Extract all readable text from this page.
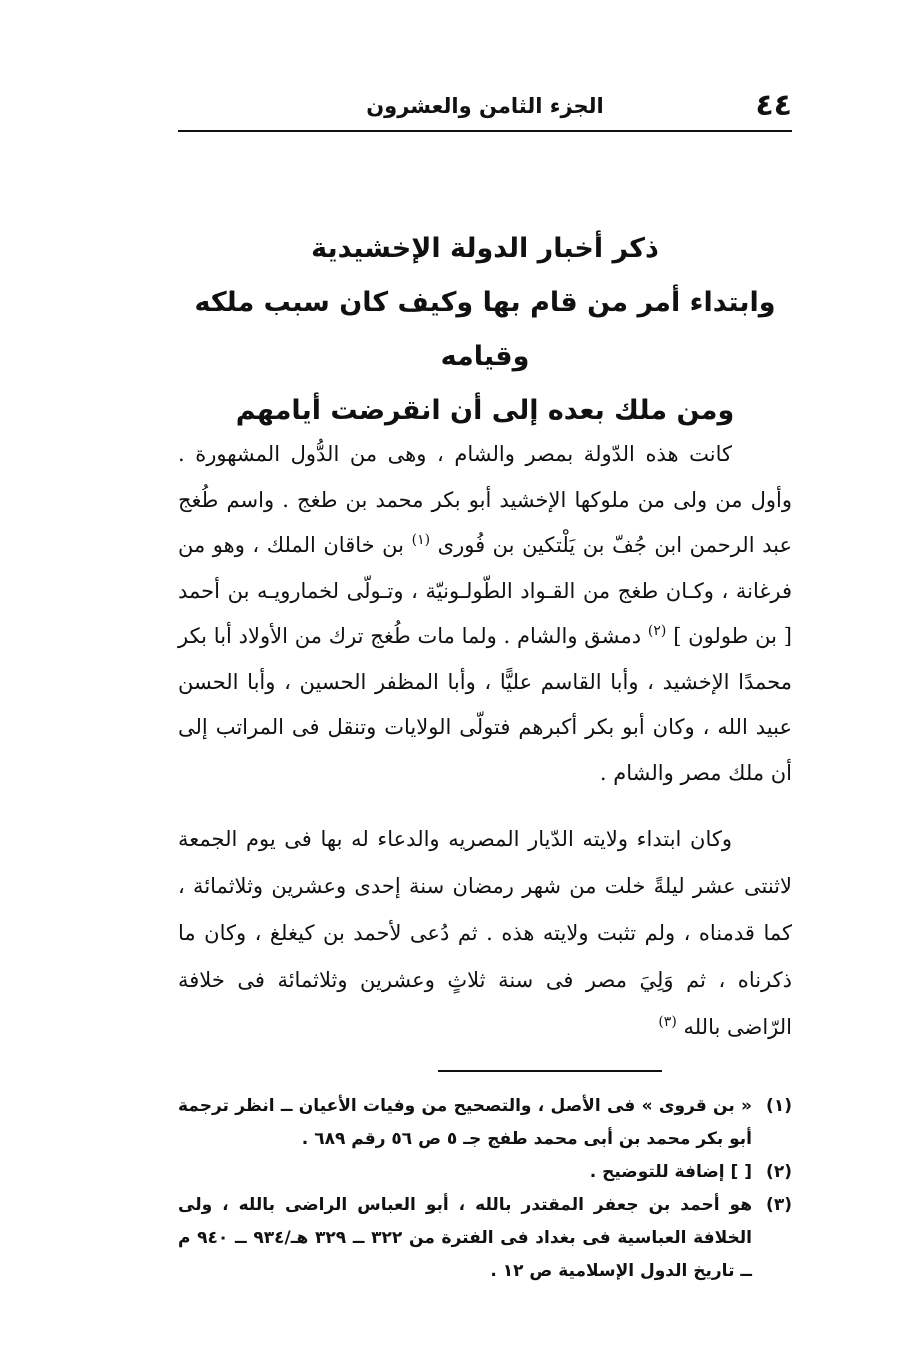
٤٤
الجزء الثامن والعشرون
ذكر أخبار الدولة الإخشيدية
وابتداء أمر من قام بها وكيف كان سبب ملكه وقيامه
ومن ملك بعده إلى أن انقرضت أيامهم
كانت هذه الدّولة بمصر والشام ، وهى من الدُّول المشهورة . وأول من ولى من ملوكها الإخشيد أبو بكر محمد بن طغج . واسم طُغج عبد الرحمن ابن جُفّ بن يَلْتكين بن فُورى $^{(١)}$ بن خاقان الملك ، وهو من فرغانة ، وكـان طغج من القـواد الطّولـونيّة ، وتـولّى لخمارويـه بن أحمد [ بن طولون ] $^{(٢)}$ دمشق والشام . ولما مات طُغج ترك من الأولاد أبا بكر محمدًا الإخشيد ، وأبا القاسم عليًّا ، وأبا المظفر الحسين ، وأبا الحسن عبيد الله ، وكان أبو بكر أكبرهم فتولّى الولايات وتنقل فى المراتب إلى أن ملك مصر والشام .
وكان ابتداء ولايته الدّيار المصريه والدعاء له بها فى يوم الجمعة لاثنتى عشر ليلةً خلت من شهر رمضان سنة إحدى وعشرين وثلاثمائة ، كما قدمناه ، ولم تثبت ولايته هذه . ثم دُعى لأحمد بن كيغلغ ، وكان ما ذكرناه ، ثم وَلِيَ مصر فى سنة ثلاثٍ وعشرين وثلاثمائة فى خلافة الرّاضى بالله $^{(٣)}$
(١)« بن قروى » فى الأصل ، والتصحيح من وفيات الأعيان ــ انظر ترجمة أبو بكر محمد بن أبى محمد طفج جـ ٥ ص ٥٦ رقم ٦٨٩ .
(٢)[ ] إضافة للتوضيح .
(٣)هو أحمد بن جعفر المقتدر بالله ، أبو العباس الراضى بالله ، ولى الخلافة العباسية فى بغداد فى الفترة من ٣٢٢ ــ ٣٢٩ هـ/٩٣٤ ــ ٩٤٠ م ــ تاريخ الدول الإسلامية ص ١٢ .
